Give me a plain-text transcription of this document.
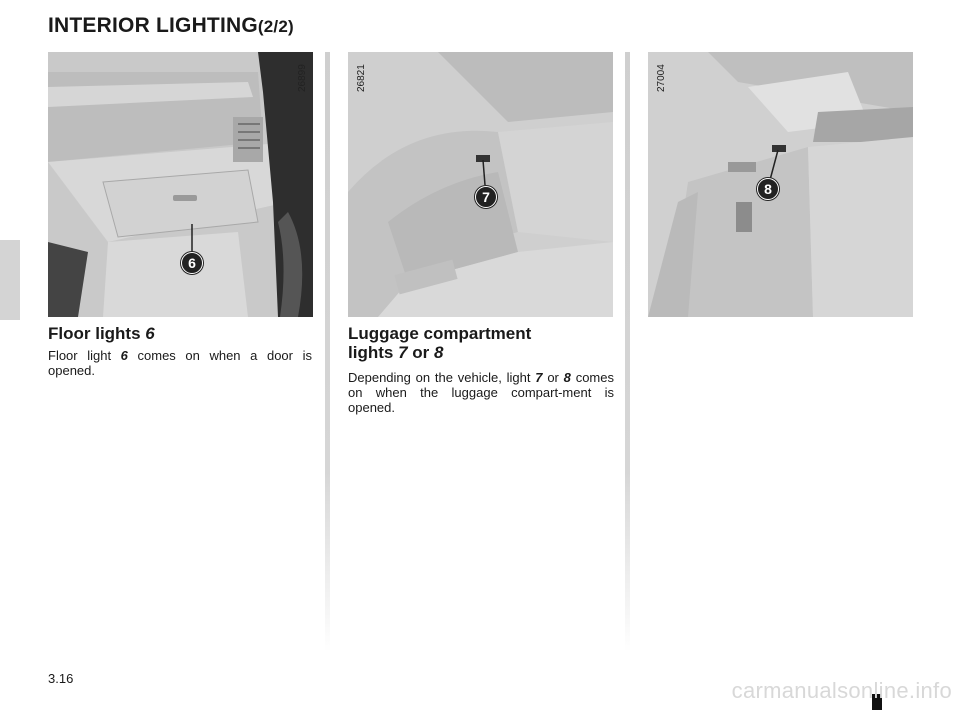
INTERIOR LIGHTING(2/2)
26899
6
26821
7
27004
8
Floor lights 6
Floor light 6 comes on when a door is opened.
Luggage compartment
lights 7 or 8
Depending on the vehicle, light 7 or 8 comes on when the luggage compart-ment is opened.
3.16	carmanualsonline.info
